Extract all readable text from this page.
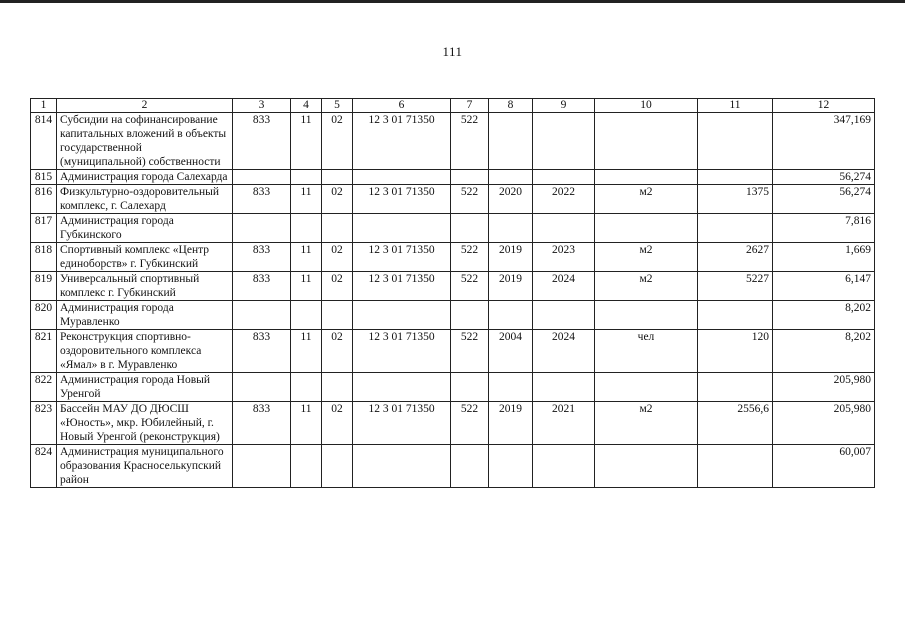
111
1	2	3	4	5	6	7	8	9	10	11	12
814	Субсидии на софинансирование капитальных вложений в объекты государственной (муниципальной) собственности	833	11	02	12 3 01 71350	522					347,169
815	Администрация города Салехарда										56,274
816	Физкультурно-оздоровительный комплекс, г. Салехард	833	11	02	12 3 01 71350	522	2020	2022	м2	1375	56,274
817	Администрация города Губкинского										7,816
818	Спортивный комплекс «Центр единоборств» г. Губкинский	833	11	02	12 3 01 71350	522	2019	2023	м2	2627	1,669
819	Универсальный спортивный комплекс г. Губкинский	833	11	02	12 3 01 71350	522	2019	2024	м2	5227	6,147
820	Администрация города Муравленко										8,202
821	Реконструкция спортивно-оздоровительного комплекса «Ямал» в г. Муравленко	833	11	02	12 3 01 71350	522	2004	2024	чел	120	8,202
822	Администрация города Новый Уренгой										205,980
823	Бассейн МАУ ДО ДЮСШ «Юность», мкр. Юбилейный, г. Новый Уренгой (реконструкция)	833	11	02	12 3 01 71350	522	2019	2021	м2	2556,6	205,980
824	Администрация муниципального образования Красноселькупский район										60,007
